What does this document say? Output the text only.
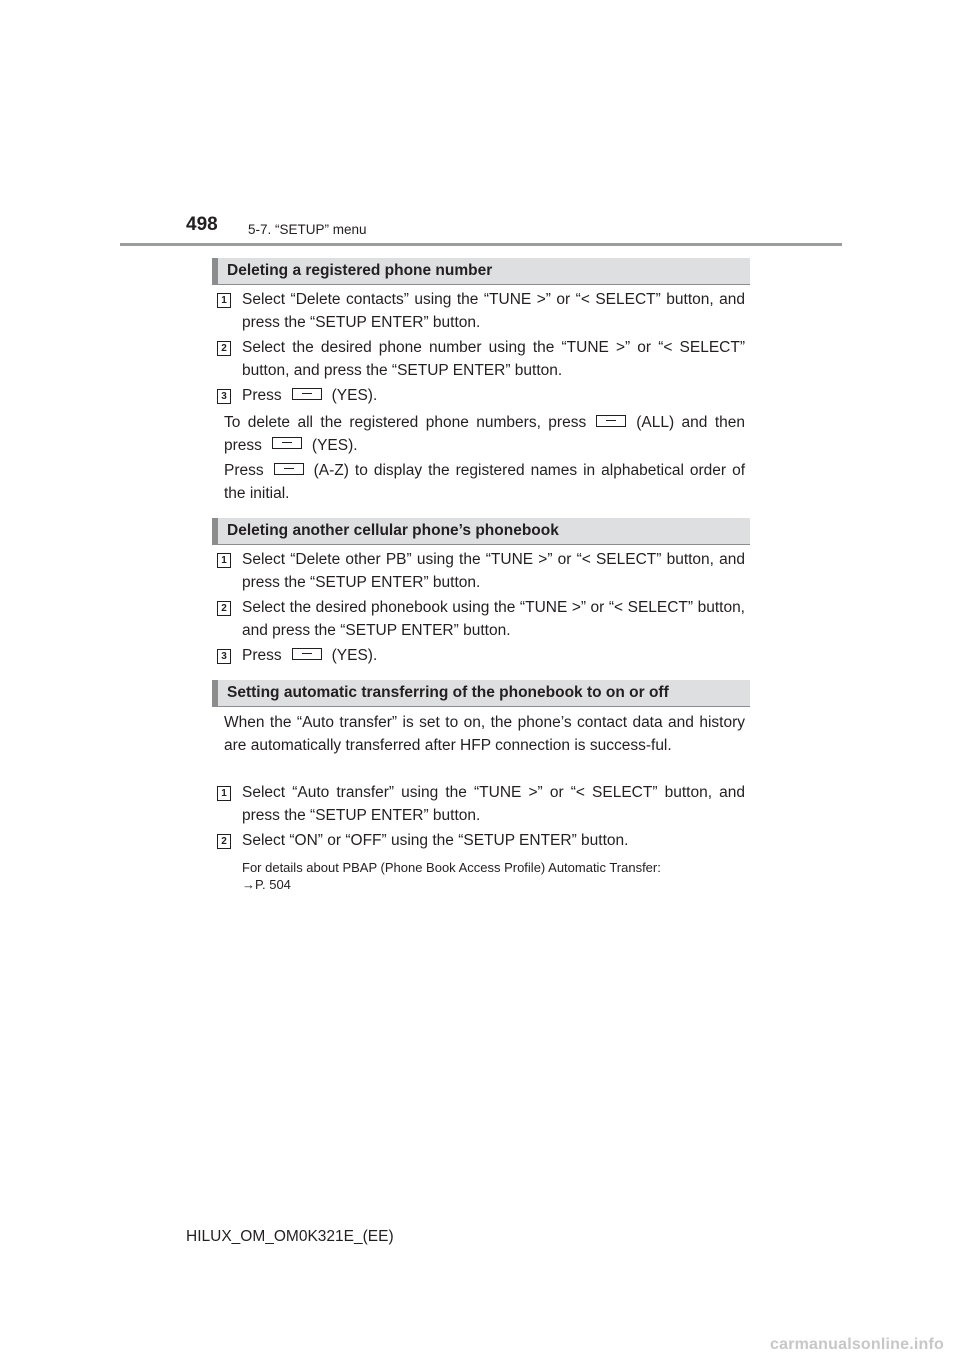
498 5-7. “SETUP” menu
Deleting a registered phone number
1 Select “Delete contacts” using the “TUNE >” or “< SELECT” button, and press the “SETUP ENTER” button.
2 Select the desired phone number using the “TUNE >” or “< SELECT” button, and press the “SETUP ENTER” button.
3 Press	(YES).
To delete all the registered phone numbers, press	(ALL) and then press	(YES).
Press	(A-Z) to display the registered names in alphabetical order of the initial.
Deleting another cellular phone’s phonebook
1 Select “Delete other PB” using the “TUNE >” or “< SELECT” button, and press the “SETUP ENTER” button.
2 Select the desired phonebook using the “TUNE >” or “< SELECT” button, and press the “SETUP ENTER” button.
3 Press	(YES).
Setting automatic transferring of the phonebook to on or off
When the “Auto transfer” is set to on, the phone’s contact data and history are automatically transferred after HFP connection is success-ful.
1 Select “Auto transfer” using the “TUNE >” or “< SELECT” button, and press the “SETUP ENTER” button.
2 Select “ON” or “OFF” using the “SETUP ENTER” button.
For details about PBAP (Phone Book Access Profile) Automatic Transfer:
→P. 504
HILUX_OM_OM0K321E_(EE)
carmanualsonline.info
